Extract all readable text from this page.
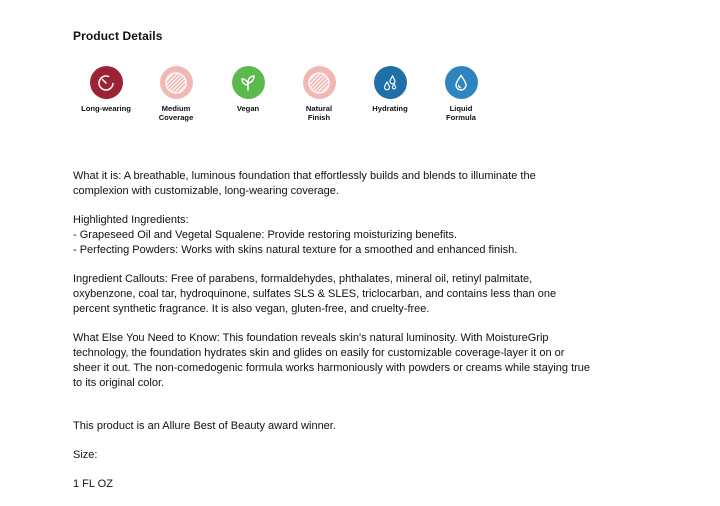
Product Details
Long-wearing	Medium
Coverage
Vegan	Natural
Finish
Hydrating	Liquid
Formula

What it is: A breathable, luminous foundation that effortlessly builds and blends to illuminate the complexion with customizable, long-wearing coverage.

Highlighted Ingredients:
- Grapeseed Oil and Vegetal Squalene: Provide restoring moisturizing benefits.
- Perfecting Powders: Works with skins natural texture for a smoothed and enhanced finish.

Ingredient Callouts: Free of parabens, formaldehydes, phthalates, mineral oil, retinyl palmitate, oxybenzone, coal tar, hydroquinone, sulfates SLS & SLES, triclocarban, and contains less than one percent synthetic fragrance. It is also vegan, gluten-free, and cruelty-free.

What Else You Need to Know: This foundation reveals skin's natural luminosity. With MoistureGrip technology, the foundation hydrates skin and glides on easily for customizable coverage-layer it on or sheer it out. The non-comedogenic formula works harmoniously with powders or creams while staying true to its original color.

This product is an Allure Best of Beauty award winner.

Size:

1 FL OZ
